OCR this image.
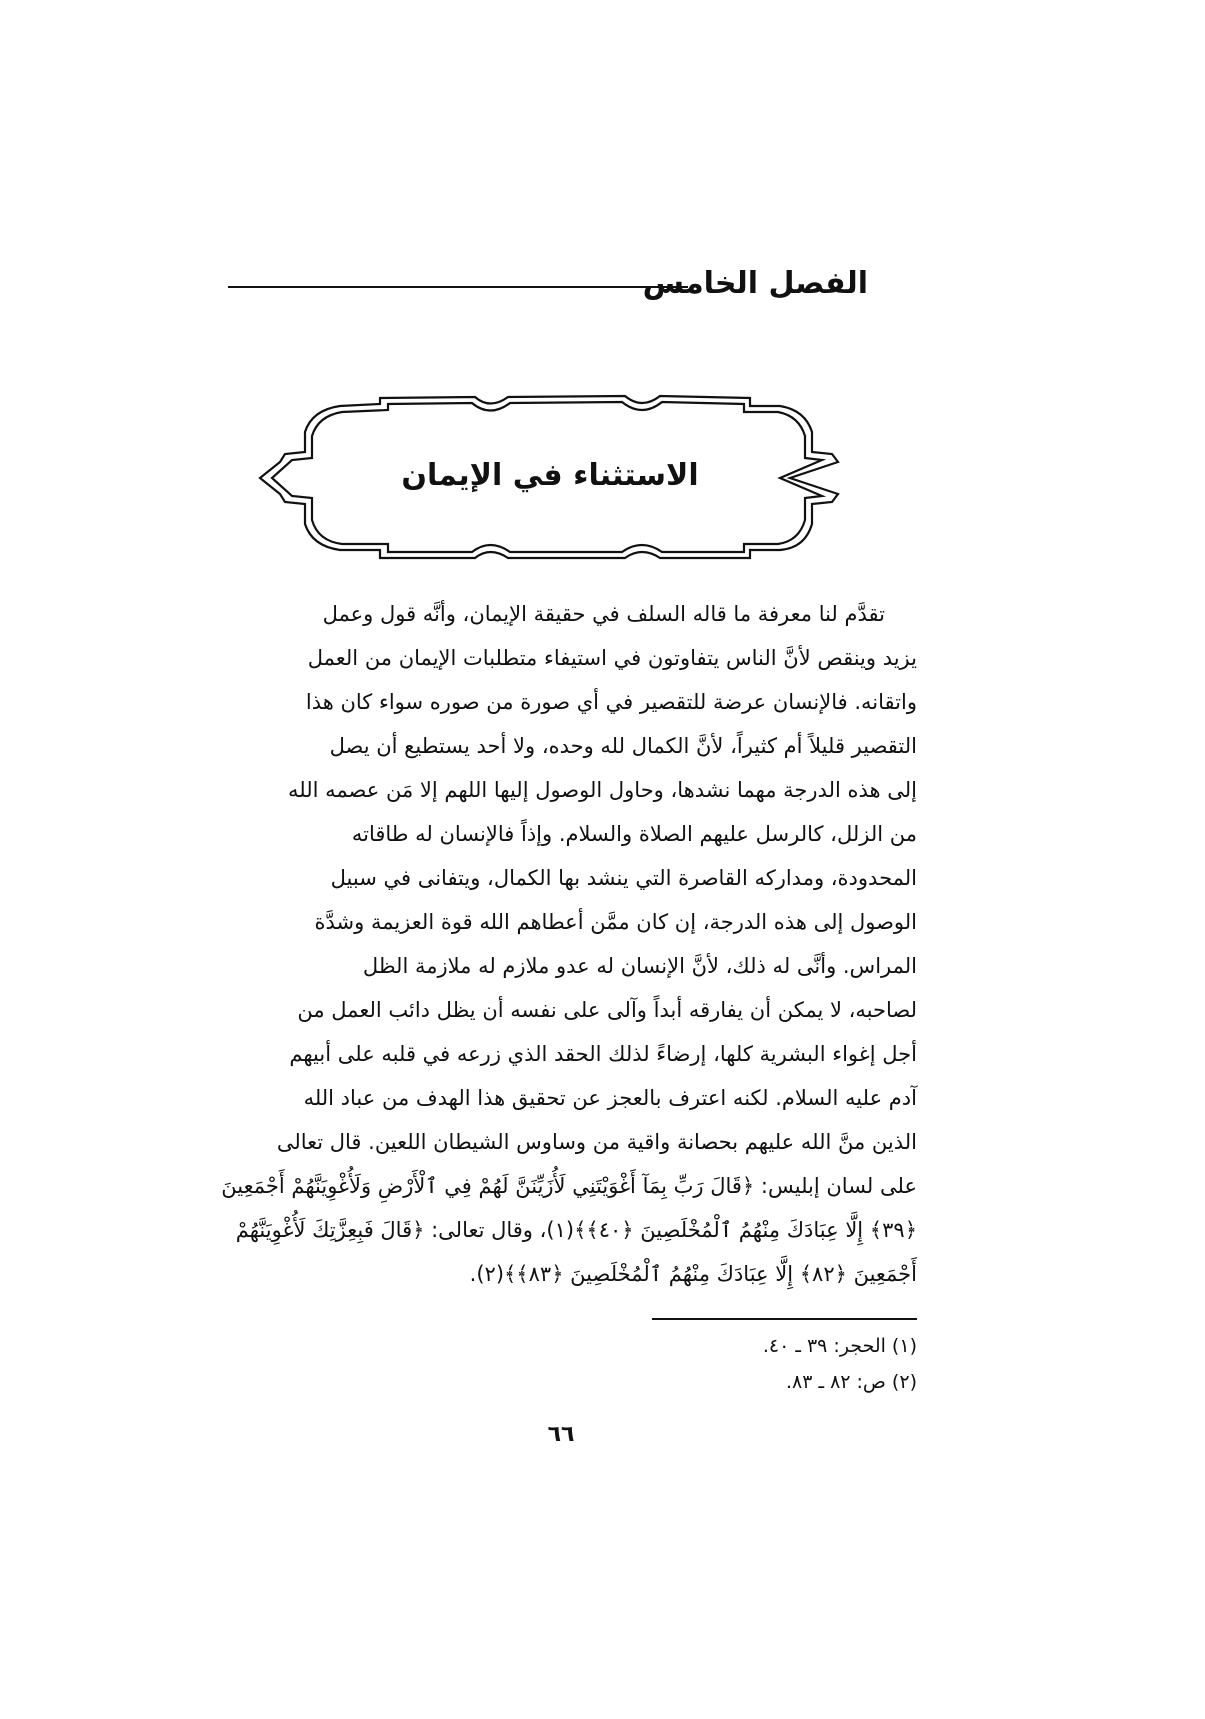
الفصل الخامس
الاستثناء في الإيمان
تقدَّم لنا معرفة ما قاله السلف في حقيقة الإيمان، وأنَّه قول وعمل
يزيد وينقص لأنَّ الناس يتفاوتون في استيفاء متطلبات الإيمان من العمل
واتقانه. فالإنسان عرضة للتقصير في أي صورة من صوره سواء كان هذا
التقصير قليلاً أم كثيراً، لأنَّ الكمال لله وحده، ولا أحد يستطيع أن يصل
إلى هذه الدرجة مهما نشدها، وحاول الوصول إليها اللهم إلا مَن عصمه الله
من الزلل، كالرسل عليهم الصلاة والسلام. وإذاً فالإنسان له طاقاته
المحدودة، ومداركه القاصرة التي ينشد بها الكمال، ويتفانى في سبيل
الوصول إلى هذه الدرجة، إن كان ممَّن أعطاهم الله قوة العزيمة وشدَّة
المراس. وأنَّى له ذلك، لأنَّ الإنسان له عدو ملازم له ملازمة الظل
لصاحبه، لا يمكن أن يفارقه أبداً وآلى على نفسه أن يظل دائب العمل من
أجل إغواء البشرية كلها، إرضاءً لذلك الحقد الذي زرعه في قلبه على أبيهم
آدم عليه السلام. لكنه اعترف بالعجز عن تحقيق هذا الهدف من عباد الله
الذين منَّ الله عليهم بحصانة واقية من وساوس الشيطان اللعين. قال تعالى
على لسان إبليس: ﴿قَالَ رَبِّ بِمَآ أَغْوَيْتَنِي لَأُزَيِّنَنَّ لَهُمْ فِي ٱلْأَرْضِ وَلَأُغْوِيَنَّهُمْ أَجْمَعِينَ
﴿٣٩﴾ إِلَّا عِبَادَكَ مِنْهُمُ ٱلْمُخْلَصِينَ ﴿٤٠﴾﴾(١)، وقال تعالى: ﴿قَالَ فَبِعِزَّتِكَ لَأُغْوِيَنَّهُمْ
أَجْمَعِينَ ﴿٨٢﴾ إِلَّا عِبَادَكَ مِنْهُمُ ٱلْمُخْلَصِينَ ﴿٨٣﴾﴾(٢).
(١) الحجر: ٣٩ ـ ٤٠.
(٢) ص: ٨٢ ـ ٨٣.
٦٦
